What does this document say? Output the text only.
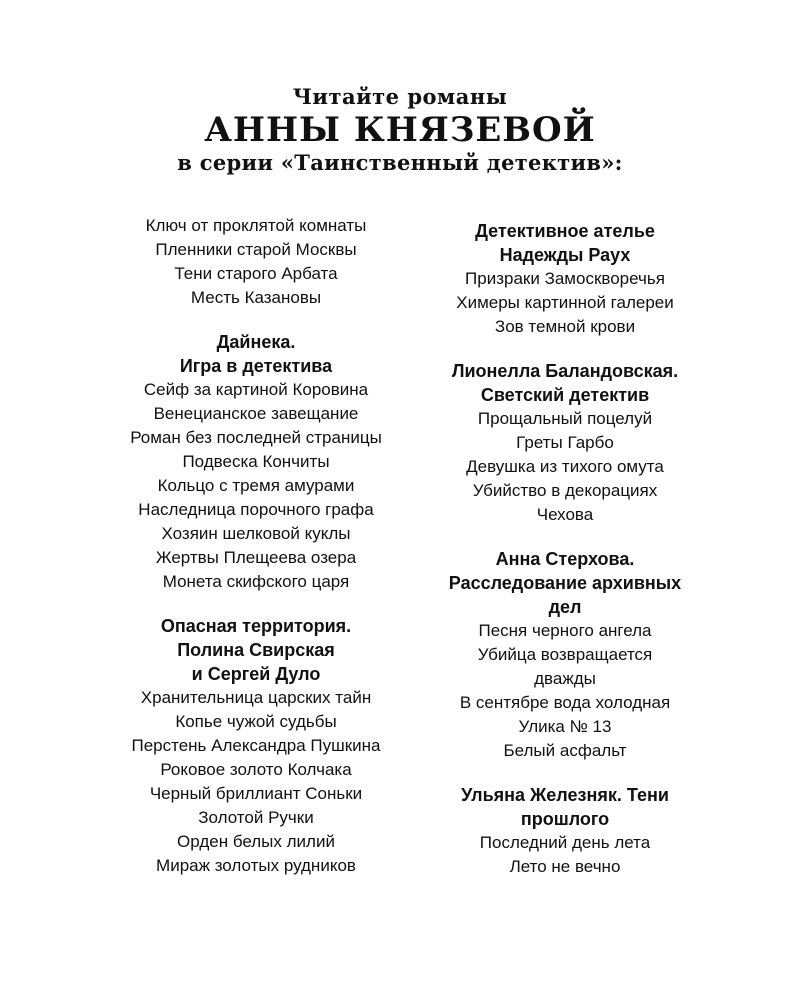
Читайте романы
АННЫ КНЯЗЕВОЙ
в серии «Таинственный детектив»:

Ключ от проклятой комнаты

Пленники старой Москвы

Тени старого Арбата

Месть Казановы

Дайнека.

Игра в детектива

Сейф за картиной Коровина

Венецианское завещание

Роман без последней страницы

Подвеска Кончиты

Кольцо с тремя амурами

Наследница порочного графа

Хозяин шелковой куклы

Жертвы Плещеева озера

Монета скифского царя

Опасная территория.

Полина Свирская

и Сергей Дуло

Хранительница царских тайн

Копье чужой судьбы

Перстень Александра Пушкина

Роковое золото Колчака

Черный бриллиант Соньки

Золотой Ручки

Орден белых лилий

Мираж золотых рудников

Детективное ателье

Надежды Раух

Призраки Замоскворечья

Химеры картинной галереи

Зов темной крови

Лионелла Баландовская.

Светский детектив

Прощальный поцелуй

Греты Гарбо

Девушка из тихого омута

Убийство в декорациях

Чехова

Анна Стерхова.

Расследование архивных

дел

Песня черного ангела

Убийца возвращается

дважды

В сентябре вода холодная

Улика № 13

Белый асфальт

Ульяна Железняк. Тени

прошлого

Последний день лета

Лето не вечно
